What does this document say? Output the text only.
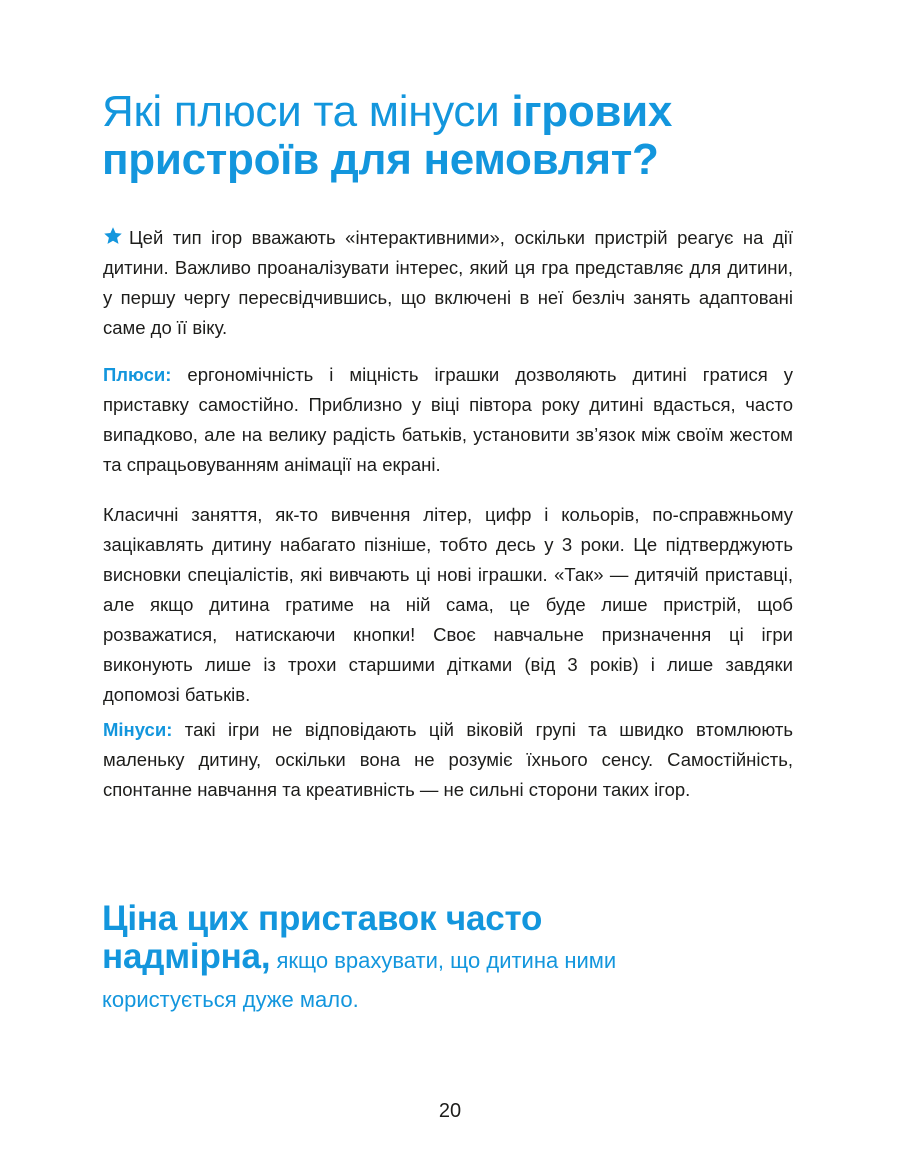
Які плюси та мінуси ігрових
пристроїв для немовлят?

Цей тип ігор вважають «інтерактивними», оскільки пристрій реагує на дії дитини. Важливо проаналізувати інтерес, який ця гра представляє для дитини, у першу чергу пересвідчившись, що включені в неї безліч занять адаптовані саме до її віку.

Плюси: ергономічність і міцність іграшки дозволяють дитині гратися у приставку самостійно. Приблизно у віці півтора року дитині вдасться, часто випадково, але на велику радість батьків, установити зв’язок між своїм жестом та спрацьовуванням анімації на екрані.

Класичні заняття, як-то вивчення літер, цифр і кольорів, по-справжньому зацікавлять дитину набагато пізніше, тобто десь у 3 роки. Це підтверджують висновки спеціалістів, які вивчають ці нові іграшки. «Так» — дитячій приставці, але якщо дитина гратиме на ній сама, це буде лише пристрій, щоб розважатися, натискаючи кнопки! Своє навчальне призначення ці ігри виконують лише із трохи старшими дітками (від 3 років) і лише завдяки допомозі батьків.

Мінуси: такі ігри не відповідають цій віковій групі та швидко втомлюють маленьку дитину, оскільки вона не розуміє їхнього сенсу. Самостійність, спонтанне навчання та креативність — не сильні сторони таких ігор.

Ціна цих приставок часто
надмірна, якщо врахувати, що дитина ними
користується дуже мало.

20
